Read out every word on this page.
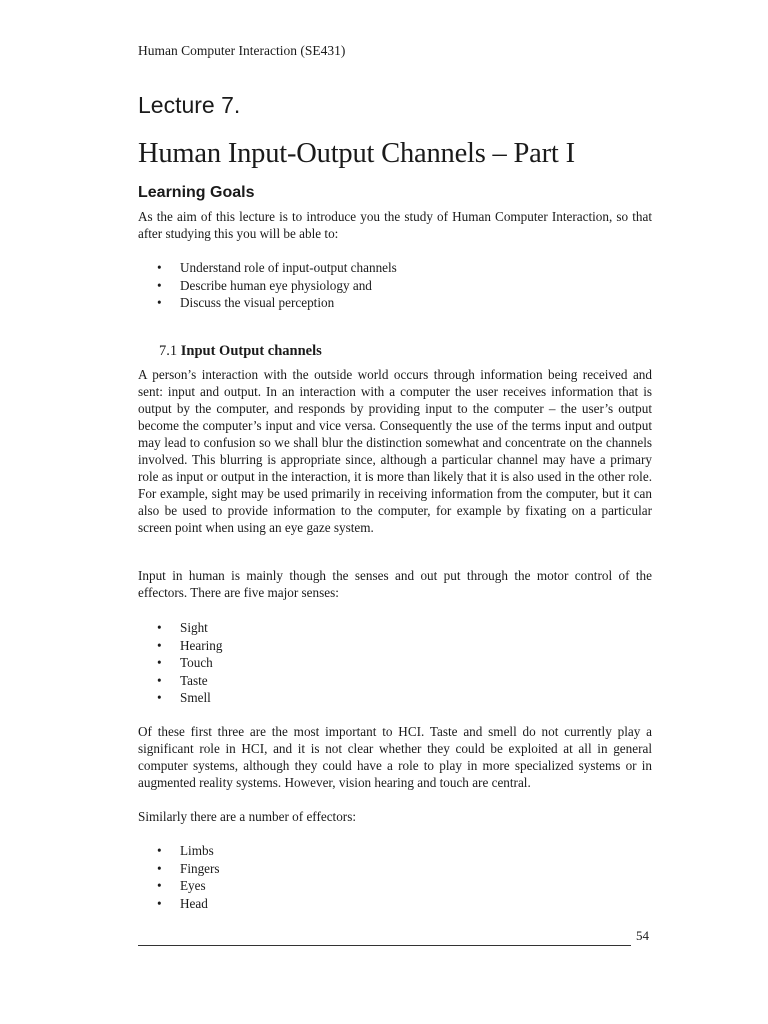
Human Computer Interaction (SE431)
Lecture 7.
Human Input-Output Channels – Part I
Learning Goals

As the aim of this lecture is to introduce you the study of Human Computer Interaction, so that after studying this you will be able to:

• Understand role of input-output channels
• Describe human eye physiology and
• Discuss the visual perception
7.1 Input Output channels

A person’s interaction with the outside world occurs through information being received and sent: input and output. In an interaction with a computer the user receives information that is output by the computer, and responds by providing input to the computer – the user’s output become the computer’s input and vice versa. Consequently the use of the terms input and output may lead to confusion so we shall blur the distinction somewhat and concentrate on the channels involved. This blurring is appropriate since, although a particular channel may have a primary role as input or output in the interaction, it is more than likely that it is also used in the other role. For example, sight may be used primarily in receiving information from the computer, but it can also be used to provide information to the computer, for example by fixating on a particular screen point when using an eye gaze system.

Input in human is mainly though the senses and out put through the motor control of the effectors. There are five major senses:

• Sight
• Hearing
• Touch
• Taste
• Smell

Of these first three are the most important to HCI. Taste and smell do not currently play a significant role in HCI, and it is not clear whether they could be exploited at all in general computer systems, although they could have a role to play in more specialized systems or in augmented reality systems. However, vision hearing and touch are central.

Similarly there are a number of effectors:

• Limbs
• Fingers
• Eyes
• Head
54
